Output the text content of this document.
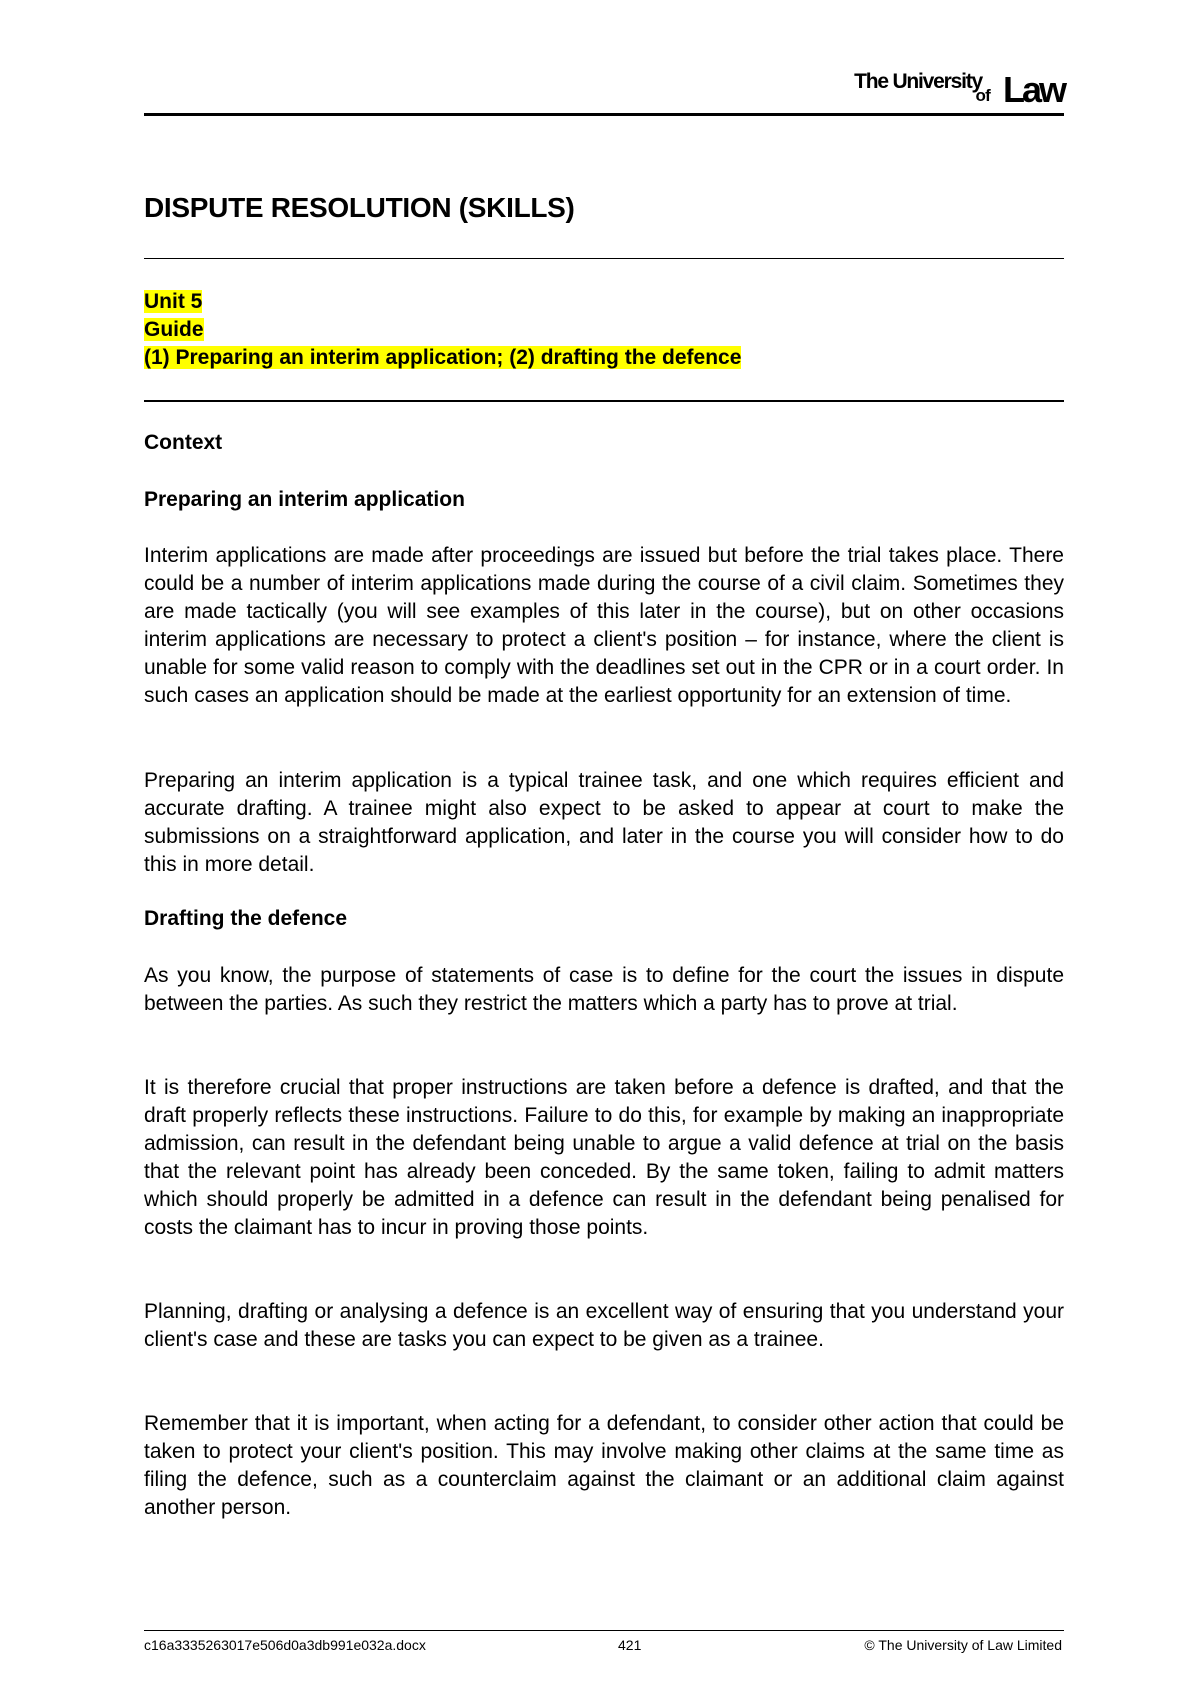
The University
of Law
DISPUTE RESOLUTION (SKILLS)
Unit 5
Guide
(1) Preparing an interim application; (2) drafting the defence
Context
Preparing an interim application

Interim applications are made after proceedings are issued but before the trial takes place. There could be a number of interim applications made during the course of a civil claim. Sometimes they are made tactically (you will see examples of this later in the course), but on other occasions interim applications are necessary to protect a client's position – for instance, where the client is unable for some valid reason to comply with the deadlines set out in the CPR or in a court order. In such cases an application should be made at the earliest opportunity for an extension of time.

Preparing an interim application is a typical trainee task, and one which requires efficient and accurate drafting. A trainee might also expect to be asked to appear at court to make the submissions on a straightforward application, and later in the course you will consider how to do this in more detail.

Drafting the defence

As you know, the purpose of statements of case is to define for the court the issues in dispute between the parties. As such they restrict the matters which a party has to prove at trial.

It is therefore crucial that proper instructions are taken before a defence is drafted, and that the draft properly reflects these instructions. Failure to do this, for example by making an inappropriate admission, can result in the defendant being unable to argue a valid defence at trial on the basis that the relevant point has already been conceded. By the same token, failing to admit matters which should properly be admitted in a defence can result in the defendant being penalised for costs the claimant has to incur in proving those points.

Planning, drafting or analysing a defence is an excellent way of ensuring that you understand your client's case and these are tasks you can expect to be given as a trainee.

Remember that it is important, when acting for a defendant, to consider other action that could be taken to protect your client's position. This may involve making other claims at the same time as filing the defence, such as a counterclaim against the claimant or an additional claim against another person.

c16a3335263017e506d0a3db991e032a.docx	421	© The University of Law Limited
